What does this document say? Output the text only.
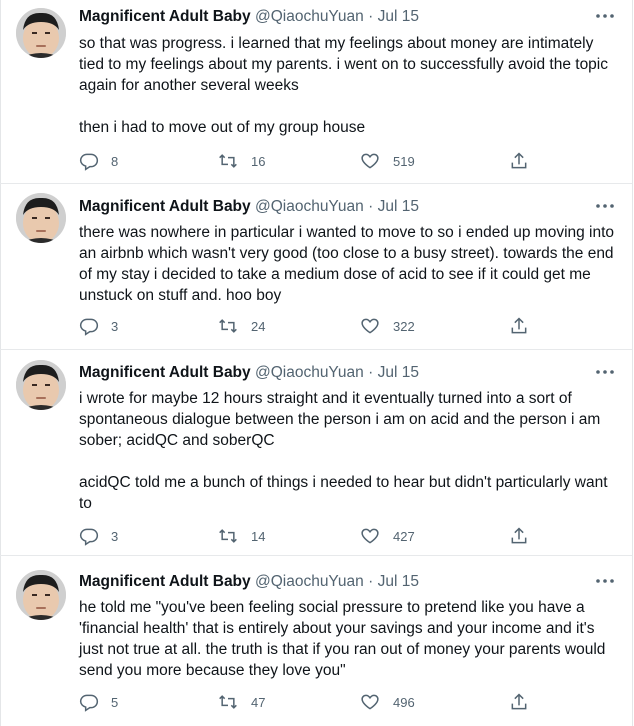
Magnificent Adult Baby @QiaochuYuan · Jul 15

so that was progress. i learned that my feelings about money are intimately tied to my feelings about my parents. i went on to successfully avoid the topic again for another several weeks

then i had to move out of my group house

8	16	519
Magnificent Adult Baby @QiaochuYuan · Jul 15

there was nowhere in particular i wanted to move to so i ended up moving into an airbnb which wasn't very good (too close to a busy street). towards the end of my stay i decided to take a medium dose of acid to see if it could get me unstuck on stuff and. hoo boy

3	24	322
Magnificent Adult Baby @QiaochuYuan · Jul 15

i wrote for maybe 12 hours straight and it eventually turned into a sort of spontaneous dialogue between the person i am on acid and the person i am sober; acidQC and soberQC

acidQC told me a bunch of things i needed to hear but didn't particularly want to

3	14	427
Magnificent Adult Baby @QiaochuYuan · Jul 15

he told me "you've been feeling social pressure to pretend like you have a 'financial health' that is entirely about your savings and your income and it's just not true at all. the truth is that if you ran out of money your parents would send you more because they love you"

5	47	496
